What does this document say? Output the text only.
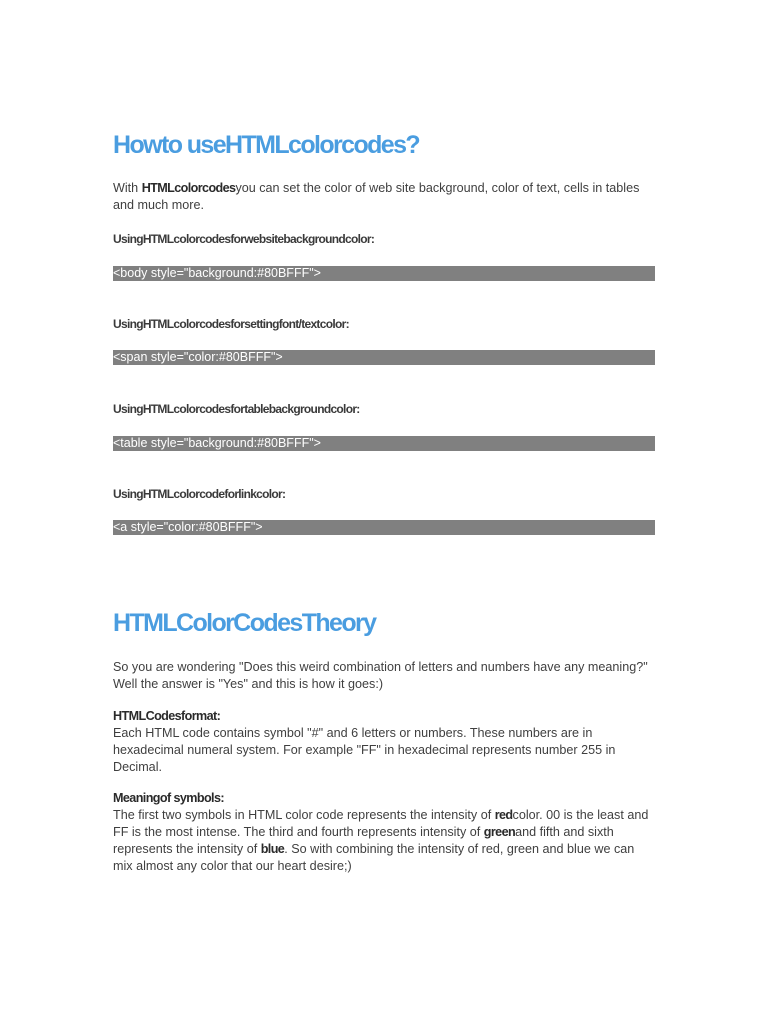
Howto useHTMLcolorcodes?

With HTMLcolorcodesyou can set the color of web site background, color of text, cells in tables and much more.

UsingHTMLcolorcodesforwebsitebackgroundcolor:
<body style="background:#80BFFF">
UsingHTMLcolorcodesforsettingfont/textcolor:
<span style="color:#80BFFF">
UsingHTMLcolorcodesfortablebackgroundcolor:
<table style="background:#80BFFF">
UsingHTMLcolorcodeforlinkcolor:
<a style="color:#80BFFF">
HTMLColorCodesTheory

So you are wondering "Does this weird combination of letters and numbers have any meaning?" Well the answer is "Yes" and this is how it goes:)

HTMLCodesformat:
Each HTML code contains symbol "#" and 6 letters or numbers. These numbers are in hexadecimal numeral system. For example "FF" in hexadecimal represents number 255 in Decimal.

Meaningof symbols:
The first two symbols in HTML color code represents the intensity of redcolor. 00 is the least and FF is the most intense. The third and fourth represents intensity of greenand fifth and sixth represents the intensity of blue. So with combining the intensity of red, green and blue we can mix almost any color that our heart desire;)
